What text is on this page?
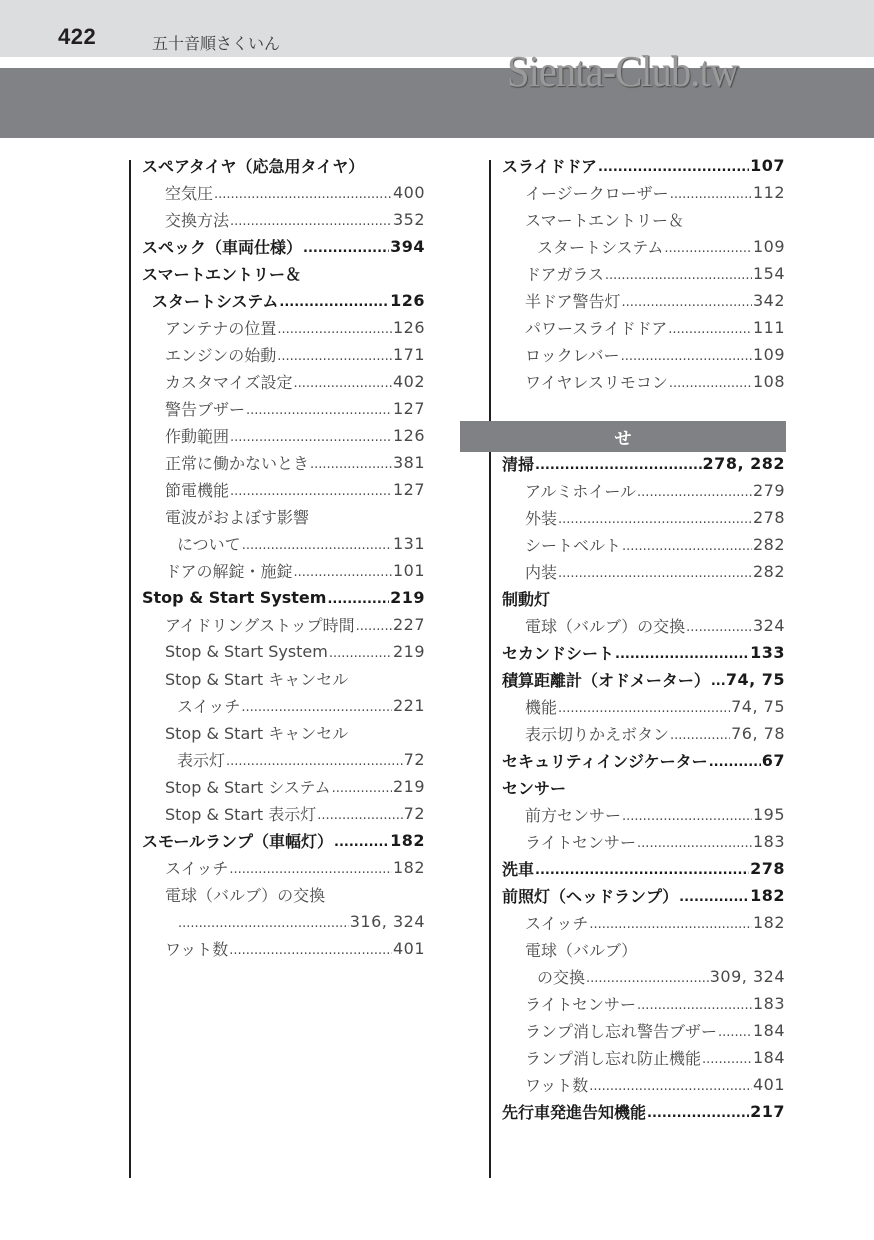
422	五十音順さくいん
Sienta-Club.tw
スペアタイヤ（応急用タイヤ）
空気圧 .....	400
交換方法 .....	352
スペック（車両仕様） .....	394
スマートエントリー＆
スタートシステム .....	126
アンテナの位置 .....	126
エンジンの始動 .....	171
カスタマイズ設定 .....	402
警告ブザー .....	127
作動範囲 .....	126
正常に働かないとき .....	381
節電機能 .....	127
電波がおよぼす影響
について .....	131
ドアの解錠・施錠 .....	101
Stop & Start System .....	219
アイドリングストップ時間 ..... 227
Stop & Start System .....	219
Stop & Start キャンセル
スイッチ .....	221
Stop & Start キャンセル
表示灯 .....	72
Stop & Start システム .....	219
Stop & Start 表示灯 .....	72
スモールランプ（車幅灯） .....	182
スイッチ .....	182
電球（バルブ）の交換
.....
316, 324
ワット数 .....	401
スライドドア .....	107
イージークローザー .....	112
スマートエントリー＆
スタートシステム .....	109
ドアガラス .....	154
半ドア警告灯 .....	342
パワースライドドア .....	111
ロックレバー .....	109
ワイヤレスリモコン .....	108
せ
清掃 .....	278, 282
アルミホイール .....	279
外装 .....	278
シートベルト .....	282
内装 .....	282
制動灯
電球（バルブ）の交換 .....	324
セカンドシート .....	133
積算距離計（オドメーター） ..... 74, 75
機能 .....	74, 75
表示切りかえボタン .....	76, 78
セキュリティインジケーター .....	67
センサー
前方センサー .....	195
ライトセンサー .....	183
洗車 .....	278
前照灯（ヘッドランプ） .....	182
スイッチ .....	182
電球（バルブ）
の交換 .....	309, 324
ライトセンサー .....	183
ランプ消し忘れ警告ブザー ..... 184
ランプ消し忘れ防止機能 .....	184
ワット数 .....	401
先行車発進告知機能 .....	217
